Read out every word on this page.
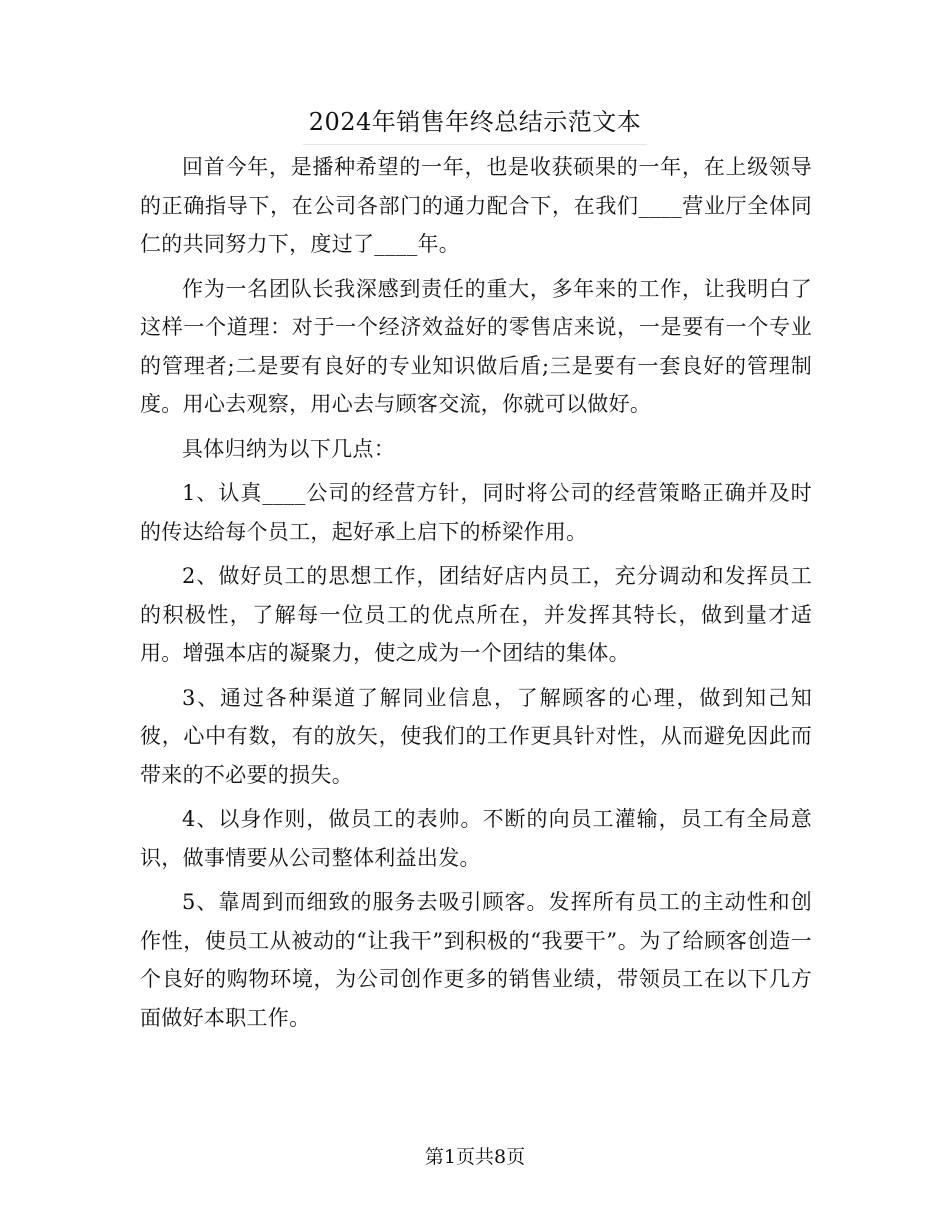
2024年销售年终总结示范文本

回首今年，是播种希望的一年，也是收获硕果的一年，在上级领导的正确指导下，在公司各部门的通力配合下，在我们____营业厅全体同仁的共同努力下，度过了____年。

作为一名团队长我深感到责任的重大，多年来的工作，让我明白了这样一个道理：对于一个经济效益好的零售店来说，一是要有一个专业的管理者;二是要有良好的专业知识做后盾;三是要有一套良好的管理制度。用心去观察，用心去与顾客交流，你就可以做好。

具体归纳为以下几点：

1、认真____公司的经营方针，同时将公司的经营策略正确并及时的传达给每个员工，起好承上启下的桥梁作用。

2、做好员工的思想工作，团结好店内员工，充分调动和发挥员工的积极性，了解每一位员工的优点所在，并发挥其特长，做到量才适用。增强本店的凝聚力，使之成为一个团结的集体。

3、通过各种渠道了解同业信息，了解顾客的心理，做到知己知彼，心中有数，有的放矢，使我们的工作更具针对性，从而避免因此而带来的不必要的损失。

4、以身作则，做员工的表帅。不断的向员工灌输，员工有全局意识，做事情要从公司整体利益出发。

5、靠周到而细致的服务去吸引顾客。发挥所有员工的主动性和创作性，使员工从被动的“让我干”到积极的“我要干”。为了给顾客创造一个良好的购物环境，为公司创作更多的销售业绩，带领员工在以下几方面做好本职工作。

第1页共8页
